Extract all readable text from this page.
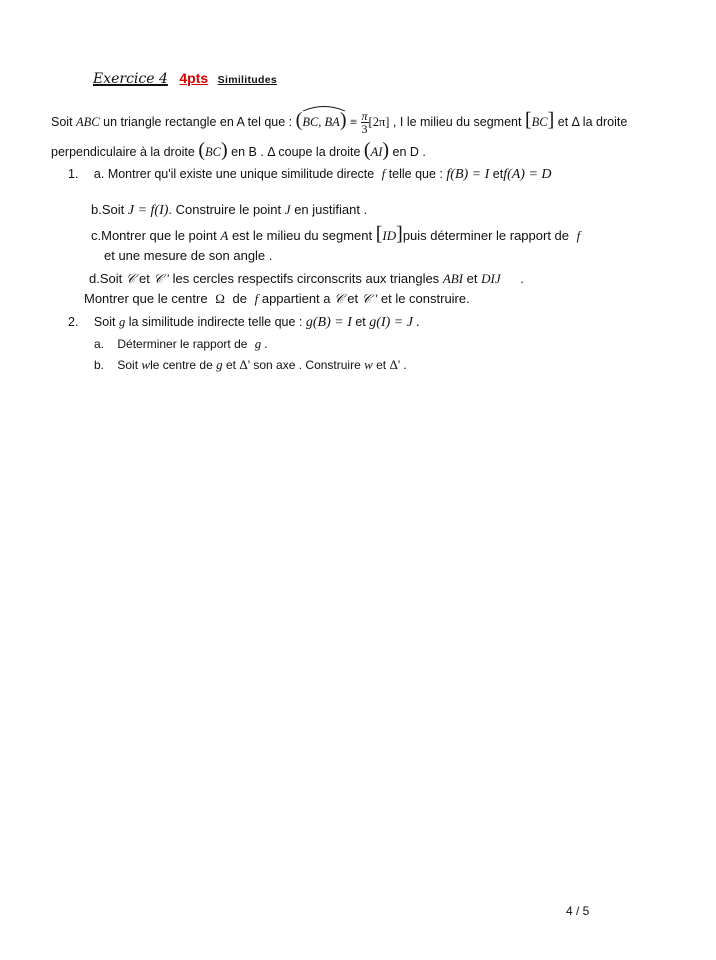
Exercice 4 4pts Similitudes
Soit ABC un triangle rectangle en A tel que : (
BC, $BA) \equiv \frac{\pi}{3} [2\pi]$ , I le milieu du segment [BC] et Δ la droite
perpendiculaire à la droite (BC) en B . Δ coupe la droite (AI) en D .
1. a. Montrer qu'il existe une unique similitude directe f telle que : f(B) = I etf(A) = D
b.Soit J = f(I). Construire le point J en justifiant .
c.Montrer que le point A est le milieu du segment [ID]puis déterminer le rapport de f
et une mesure de son angle .
d.Soit 𝒞 et 𝒞 ' les cercles respectifs circonscrits aux triangles ABI et DIJ .
Montrer que le centre Ω de f appartient a 𝒞 et 𝒞 ' et le construire.
2. Soit g la similitude indirecte telle que : g(B) = I et g(I) = J .
a. Déterminer le rapport de g .
b. Soit wle centre de g et Δ' son axe . Construire w et Δ' .
4 / 5
